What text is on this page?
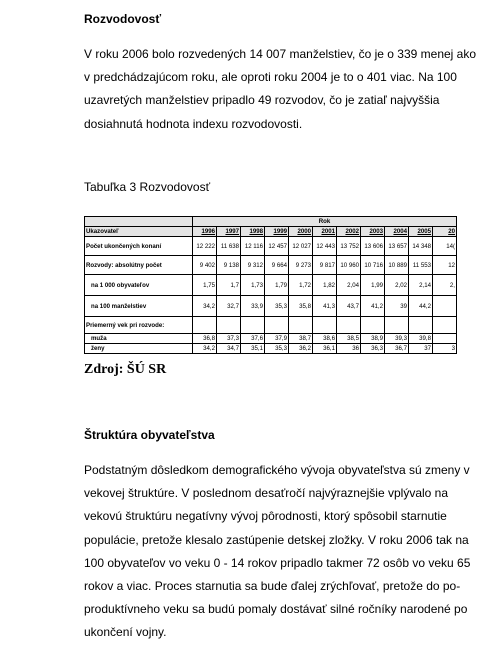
Rozvodovosť
V roku 2006 bolo rozvedených 14 007 manželstiev, čo je o 339 menej ako
v predchádzajúcom roku, ale oproti roku 2004 je to o 401 viac. Na 100
uzavretých manželstiev pripadlo 49 rozvodov, čo je zatiaľ najvyššia
dosiahnutá hodnota indexu rozvodovosti.
Tabuľka 3 Rozvodovosť
	Rok										
Ukazovateľ	1996	1997	1998	1999	2000	2001	2002	2003	2004	2005	20
Počet ukončených konaní	12 222	11 638	12 116	12 457	12 027	12 443	13 752	13 606	13 657	14 348	14(
Rozvody: absolútny počet	9 402	9 138	9 312	9 664	9 273	9 817	10 960	10 716	10 889	11 553	12
na 1 000 obyvateľov	1,75	1,7	1,73	1,79	1,72	1,82	2,04	1,99	2,02	2,14	2,
na 100 manželstiev	34,2	32,7	33,9	35,3	35,8	41,3	43,7	41,2	39	44,2	
Priemerný vek pri rozvode:											
muža	36,8	37,3	37,6	37,9	38,7	38,6	38,5	38,9	39,3	39,8	
ženy	34,2	34,7	35,1	35,3	36,2	36,1	36	36,3	36,7	37	3
Zdroj: ŠÚ SR
Štruktúra obyvateľstva
Podstatným dôsledkom demografického vývoja obyvateľstva sú zmeny v
vekovej štruktúre. V poslednom desaťročí najvýraznejšie vplývalo na
vekovú štruktúru negatívny vývoj pôrodnosti, ktorý spôsobil starnutie
populácie, pretože klesalo zastúpenie detskej zložky. V roku 2006 tak na
100 obyvateľov vo veku 0 - 14 rokov pripadlo takmer 72 osôb vo veku 65
rokov a viac. Proces starnutia sa bude ďalej zrýchľovať, pretože do po-
produktívneho veku sa budú pomaly dostávať silné ročníky narodené po
ukončení vojny.
